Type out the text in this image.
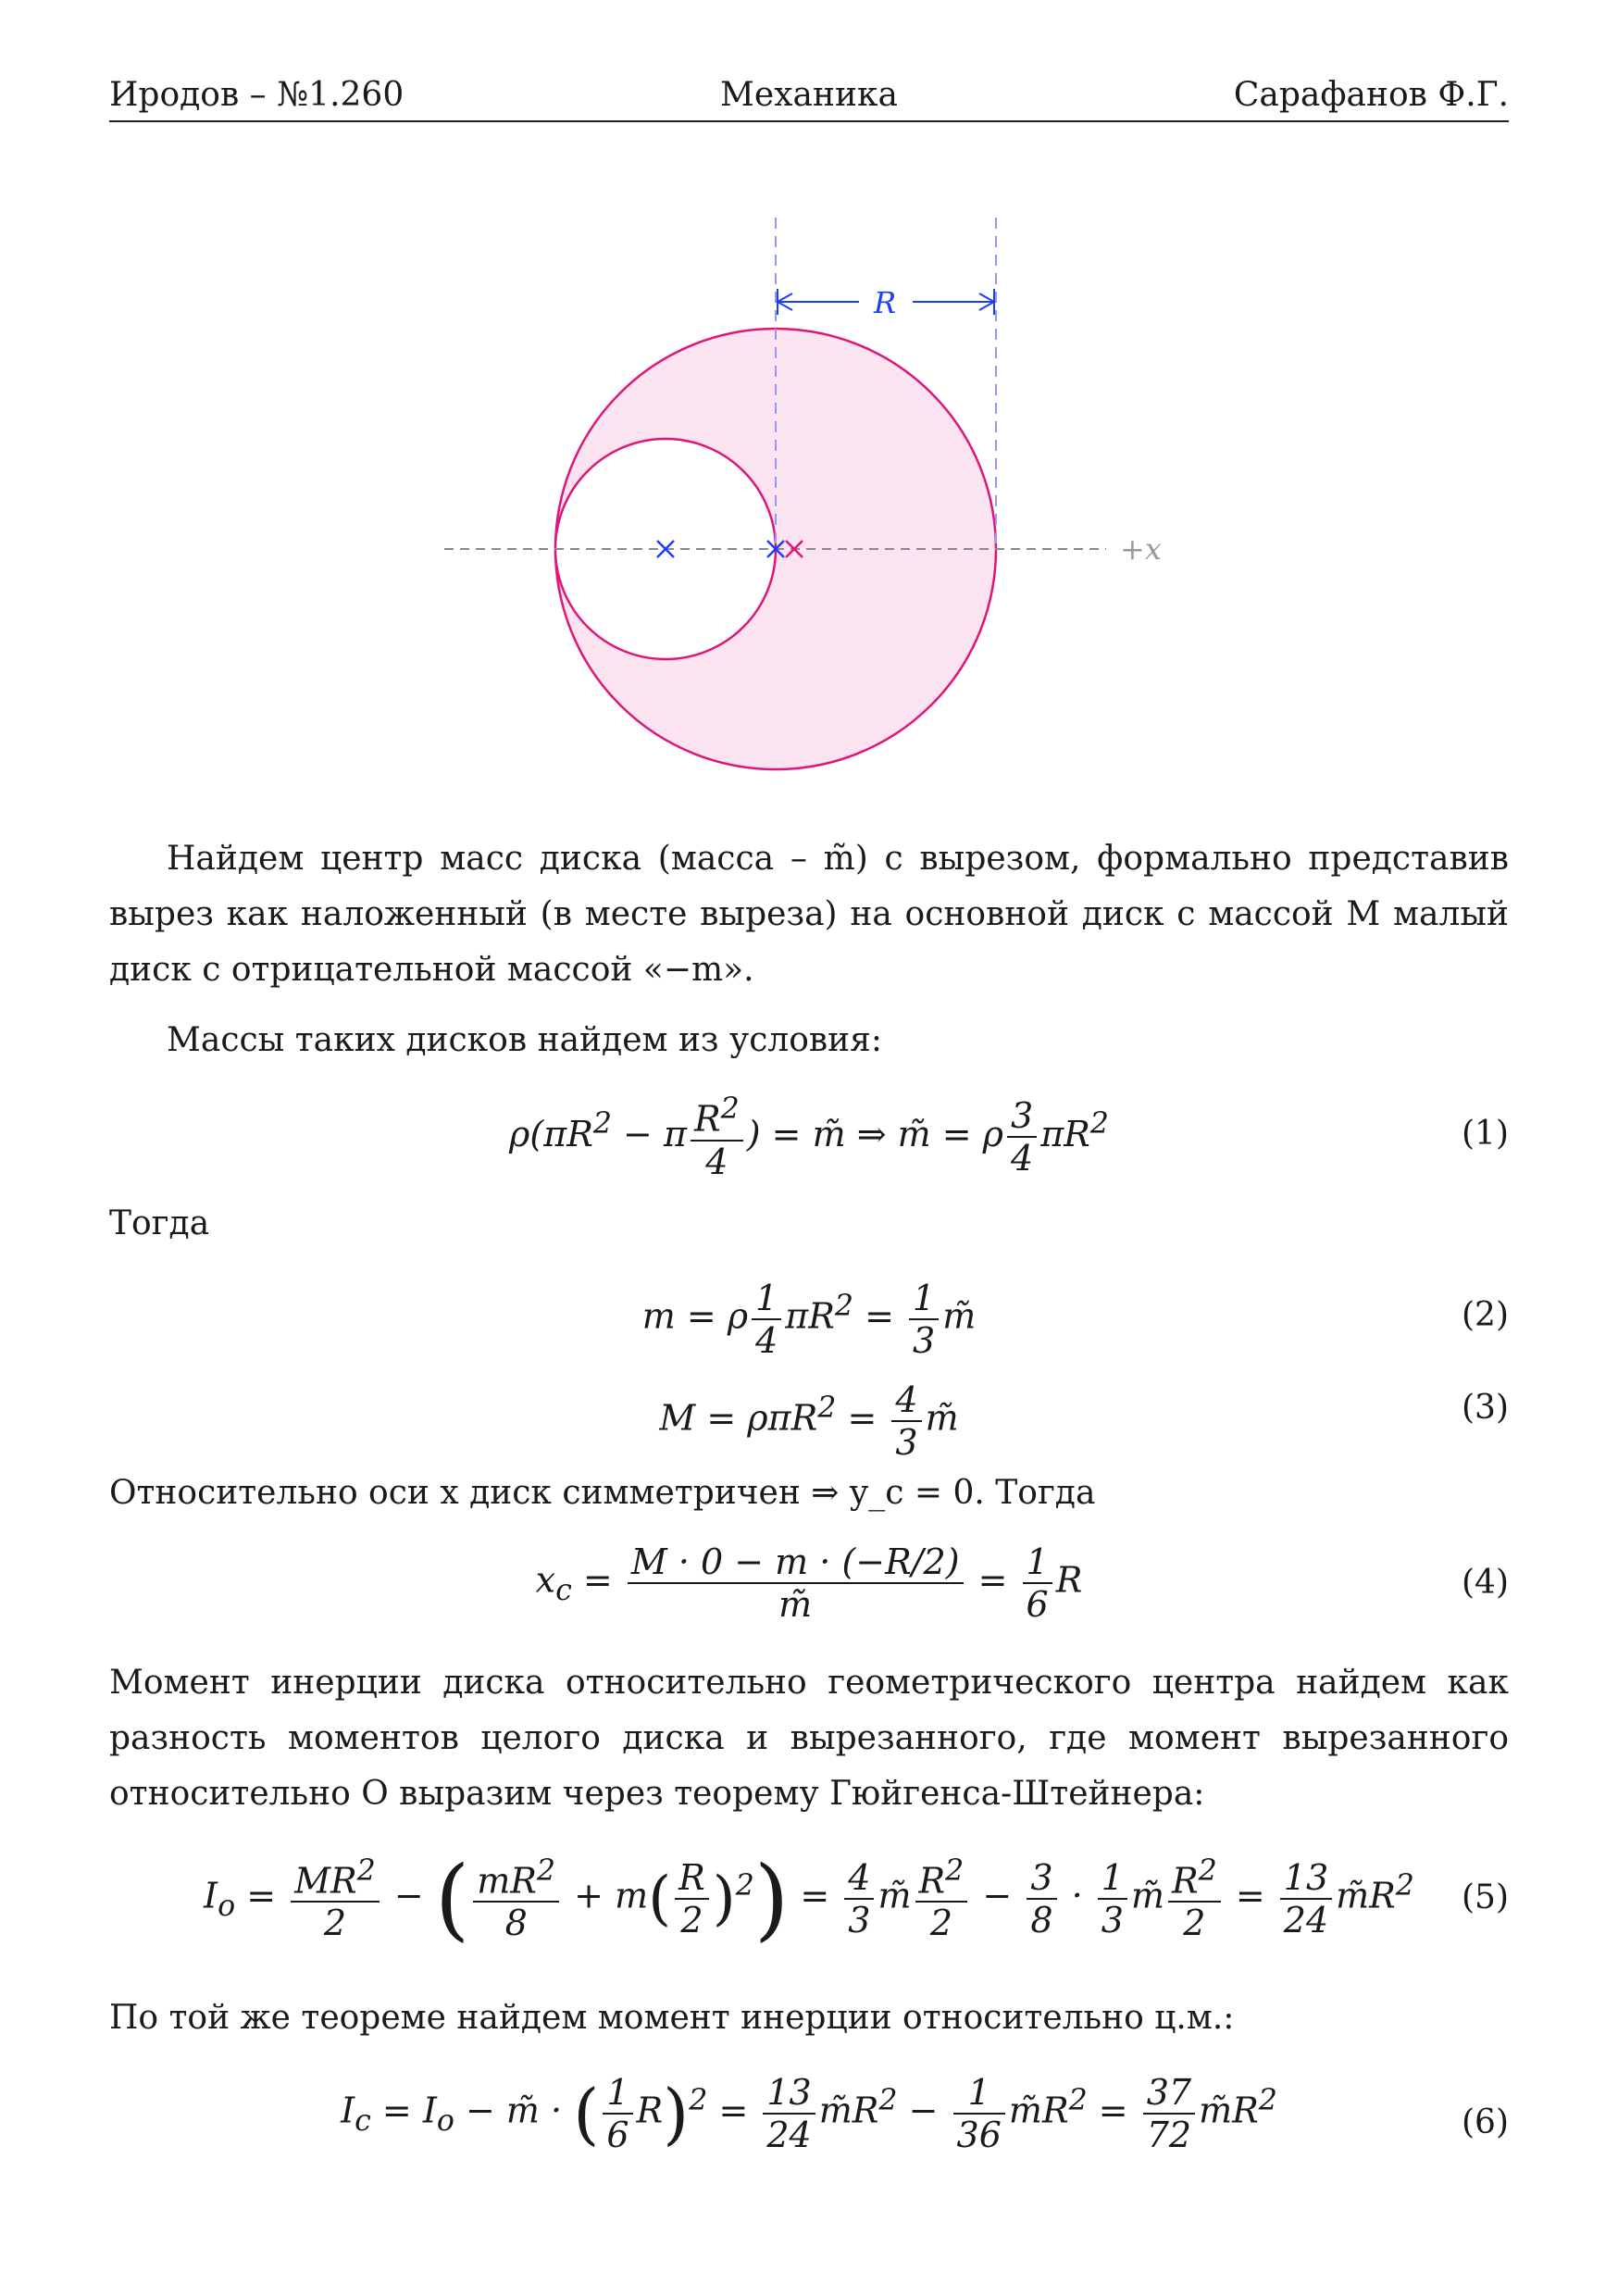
Иродов – №1.260	Механика	Сарафанов Ф.Г.
+x
R

Найдем центр масс диска (масса – m̃) с вырезом, формально представив вырез как наложенный (в месте выреза) на основной диск с массой M малый диск с отрицательной массой «−m».

Массы таких дисков найдем из условия:

$\rho(\pi R^2 - \pi \frac{R^2}{4}$ ) = m̃ ⇒ m̃ = ρ $\frac{3}{4} \pi R^2$	(1)

Тогда

m = ρ $\frac{1}{4} \pi R^2 = \frac{1}{3}$ m̃	(2)
$M = \rho\pi R^2 = \frac{4}{3}$ m̃	(3)

Относительно оси x диск симметричен ⇒ y_c = 0. Тогда

$x_c = \frac{M \cdot 0 - m \cdot (-R/2)}{m̃} = \frac{1}{6}$ R	(4)

Момент инерции диска относительно геометрического центра найдем как разность моментов целого диска и вырезанного, где момент вырезанного относительно O выразим через теорему Гюйгенса-Штейнера:

$I_o = \frac{MR^2}{2}$ − ( $\frac{mR^2}{8} + m( \frac{R}{2} )^2) = \frac{4}{3}$ m̃ $\frac{R^2}{2} - \frac{3}{8} \cdot \frac{1}{3}$ m̃ $\frac{R^2}{2} = \frac{13}{24}$ $m̃R^2$	(5)

По той же теореме найдем момент инерции относительно ц.м.:

$I_c = I_o$ − m̃ · ( $\frac{1}{6} R)^2 = \frac{13}{24}$ $m̃R^2 - \frac{1}{36}$ $m̃R^2 = \frac{37}{72}$ $m̃R^2$
(6)
